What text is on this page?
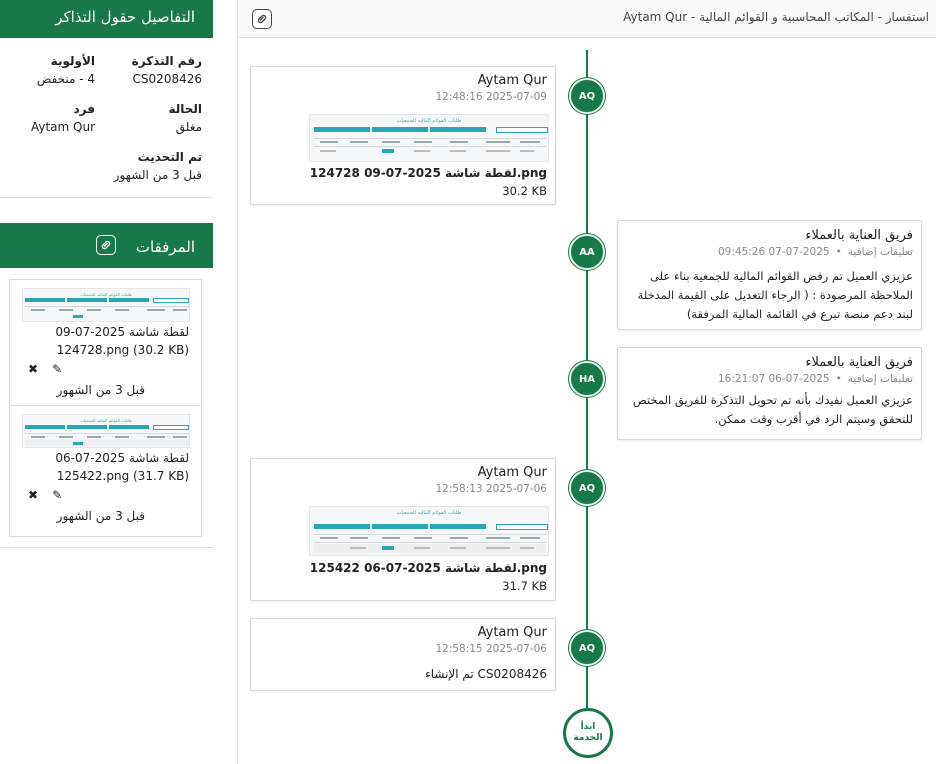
استفسار - المكاتب المحاسبية و القوائم المالية - Aytam Qur
AQ
Aytam Qur
2025-07-09 12:48:16
طلبات القوائم المالية للجمعيات
لقطة شاشة 2025-07-09 124728.png
30.2 KB
AA
فريق العناية بالعملاء
تعليقات إضافية•2025-07-07 09:45:26
عزيزي العميل تم رفض القوائم المالية للجمعية بناء على الملاحظة المرصودة : ( الرجاء التعديل على القيمة المدخلة لبند دعم منصة تبرع في القائمة المالية المرفقة)
HA
فريق العناية بالعملاء
تعليقات إضافية•2025-07-06 16:21:07
عزيزي العميل نفيدك بأنه تم تحويل التذكرة للفريق المختص للتحقق وسيتم الرد في أقرب وقت ممكن.
AQ
Aytam Qur
2025-07-06 12:58:13
طلبات القوائم المالية للجمعيات
لقطة شاشة 2025-07-06 125422.png
31.7 KB
AQ
Aytam Qur
2025-07-06 12:58:15
CS0208426 تم الإنشاء
ابدأ الخدمة
التفاصيل حقول التذاكر
رقم التذكرة
CS0208426
الأولوية
4 - منخفض
الحالة
مغلق
فرد
Aytam Qur
تم التحديث
قبل 3 من الشهور
المرفقات
طلبات القوائم المالية للجمعيات
لقطة شاشة 2025-07-09 124728.png (30.2 KB)
✖ ✎
قبل 3 من الشهور
طلبات القوائم المالية للجمعيات
لقطة شاشة 2025-07-06 125422.png (31.7 KB)
✖ ✎
قبل 3 من الشهور
